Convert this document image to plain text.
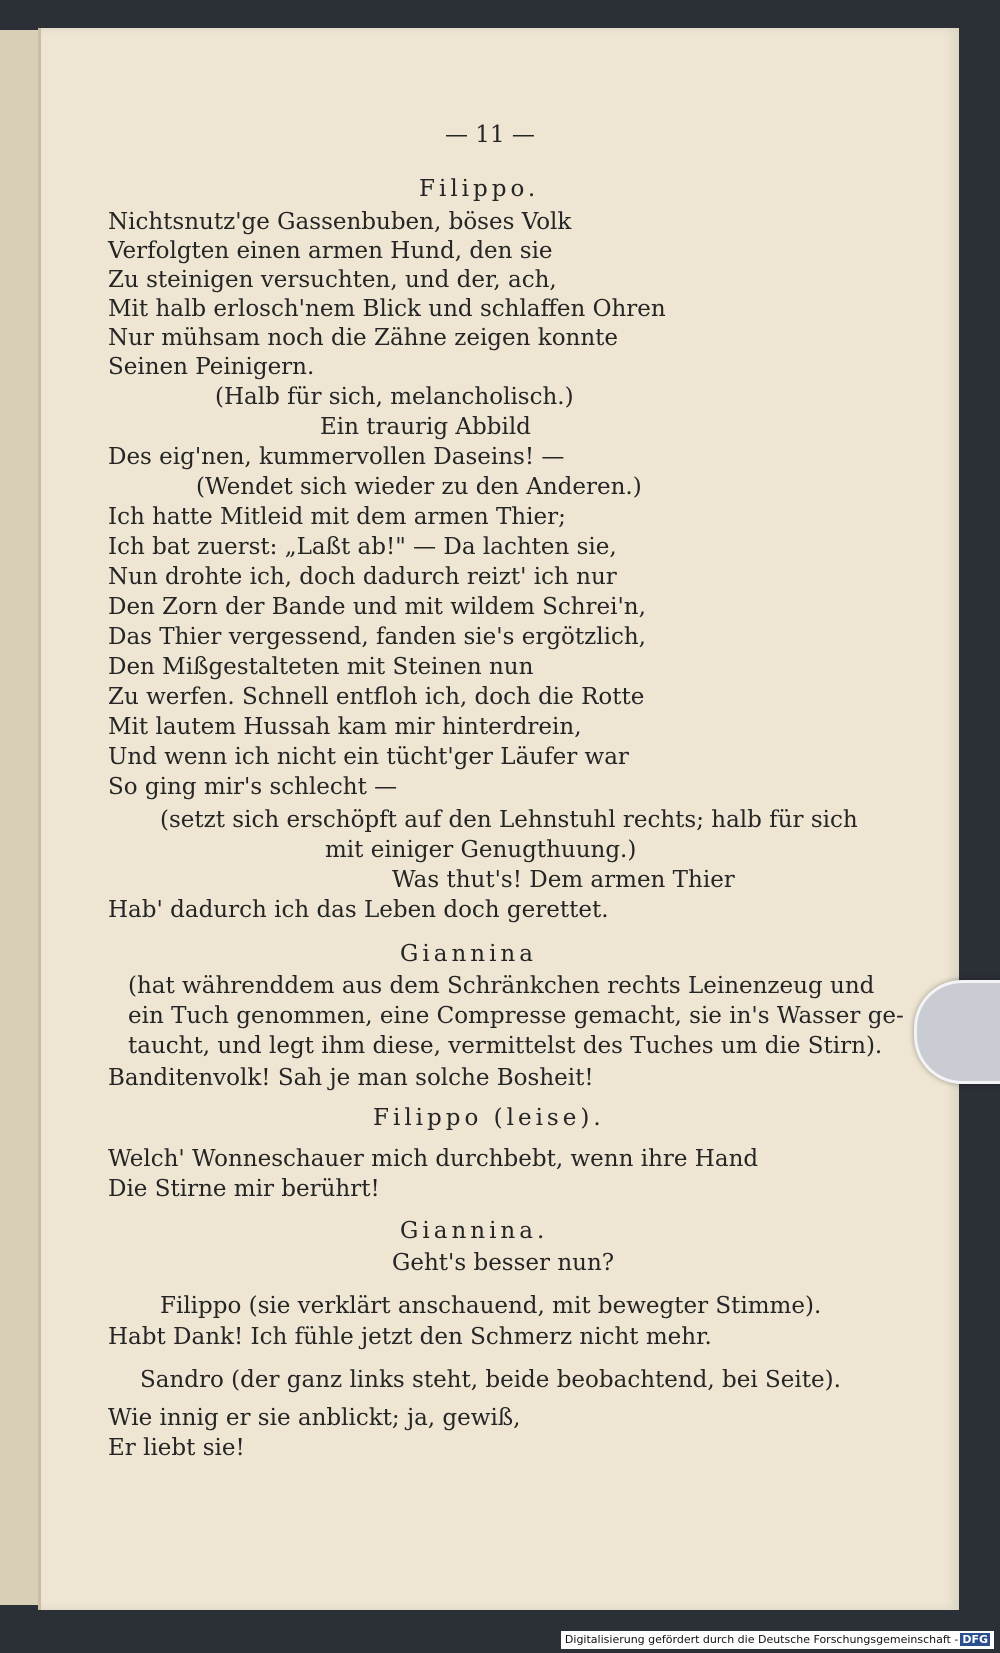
— 11 —
Filippo.
Nichtsnutz'ge Gassenbuben, böses Volk
Verfolgten einen armen Hund, den sie
Zu steinigen versuchten, und der, ach,
Mit halb erlosch'nem Blick und schlaffen Ohren
Nur mühsam noch die Zähne zeigen konnte
Seinen Peinigern.
(Halb für sich, melancholisch.)
Ein traurig Abbild
Des eig'nen, kummervollen Daseins! —
(Wendet sich wieder zu den Anderen.)
Ich hatte Mitleid mit dem armen Thier;
Ich bat zuerst: „Laßt ab!" — Da lachten sie,
Nun drohte ich, doch dadurch reizt' ich nur
Den Zorn der Bande und mit wildem Schrei'n,
Das Thier vergessend, fanden sie's ergötzlich,
Den Mißgestalteten mit Steinen nun
Zu werfen. Schnell entfloh ich, doch die Rotte
Mit lautem Hussah kam mir hinterdrein,
Und wenn ich nicht ein tücht'ger Läufer war
So ging mir's schlecht —
(setzt sich erschöpft auf den Lehnstuhl rechts; halb für sich
mit einiger Genugthuung.)
Was thut's! Dem armen Thier
Hab' dadurch ich das Leben doch gerettet.
Giannina
(hat währenddem aus dem Schränkchen rechts Leinenzeug und
ein Tuch genommen, eine Compresse gemacht, sie in's Wasser ge-
taucht, und legt ihm diese, vermittelst des Tuches um die Stirn).
Banditenvolk! Sah je man solche Bosheit!
Filippo (leise).
Welch' Wonneschauer mich durchbebt, wenn ihre Hand
Die Stirne mir berührt!
Giannina.
Geht's besser nun?
Filippo (sie verklärt anschauend, mit bewegter Stimme).
Habt Dank! Ich fühle jetzt den Schmerz nicht mehr.
Sandro (der ganz links steht, beide beobachtend, bei Seite).
Wie innig er sie anblickt; ja, gewiß,
Er liebt sie!
Digitalisierung gefördert durch die Deutsche Forschungsgemeinschaft - DFG
